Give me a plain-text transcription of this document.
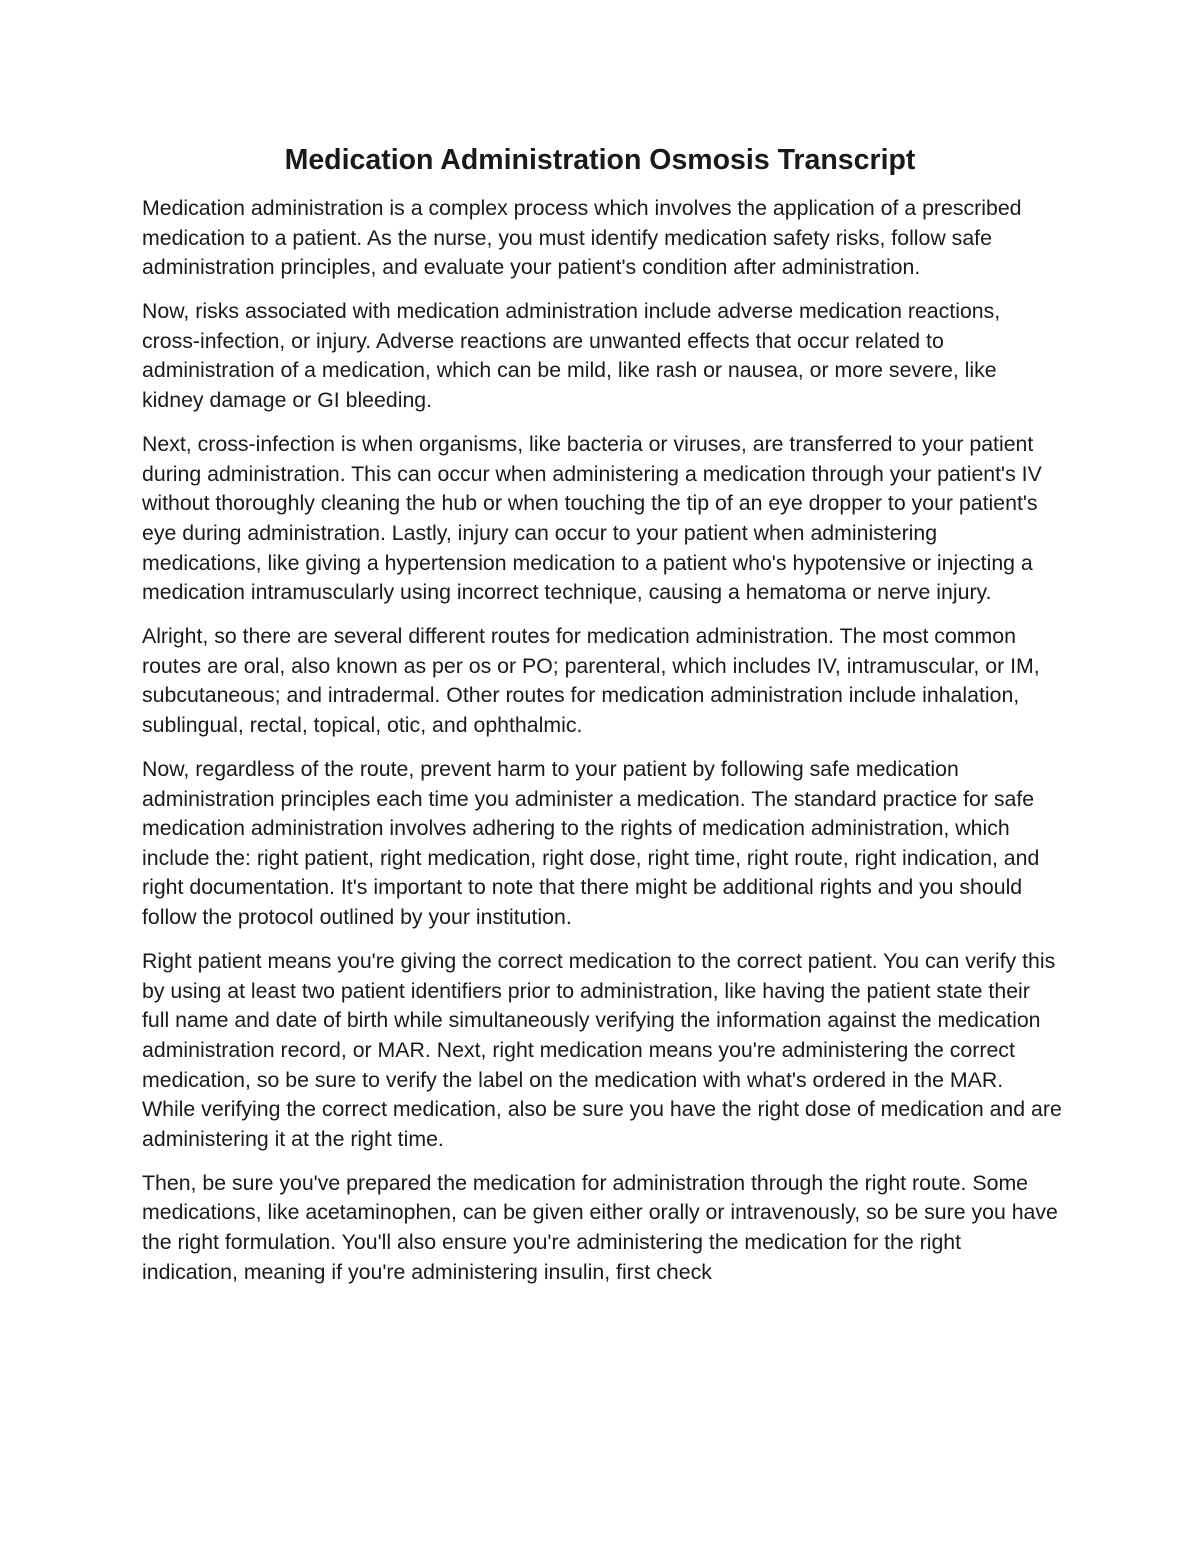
Medication Administration Osmosis Transcript

Medication administration is a complex process which involves the application of a prescribed medication to a patient. As the nurse, you must identify medication safety risks, follow safe administration principles, and evaluate your patient's condition after administration.

Now, risks associated with medication administration include adverse medication reactions, cross-infection, or injury. Adverse reactions are unwanted effects that occur related to administration of a medication, which can be mild, like rash or nausea, or more severe, like kidney damage or GI bleeding.

Next, cross-infection is when organisms, like bacteria or viruses, are transferred to your patient during administration. This can occur when administering a medication through your patient's IV without thoroughly cleaning the hub or when touching the tip of an eye dropper to your patient's eye during administration. Lastly, injury can occur to your patient when administering medications, like giving a hypertension medication to a patient who's hypotensive or injecting a medication intramuscularly using incorrect technique, causing a hematoma or nerve injury.

Alright, so there are several different routes for medication administration. The most common routes are oral, also known as per os or PO; parenteral, which includes IV, intramuscular, or IM, subcutaneous; and intradermal. Other routes for medication administration include inhalation, sublingual, rectal, topical, otic, and ophthalmic.

Now, regardless of the route, prevent harm to your patient by following safe medication administration principles each time you administer a medication. The standard practice for safe medication administration involves adhering to the rights of medication administration, which include the: right patient, right medication, right dose, right time, right route, right indication, and right documentation. It's important to note that there might be additional rights and you should follow the protocol outlined by your institution.

Right patient means you're giving the correct medication to the correct patient. You can verify this by using at least two patient identifiers prior to administration, like having the patient state their full name and date of birth while simultaneously verifying the information against the medication administration record, or MAR. Next, right medication means you're administering the correct medication, so be sure to verify the label on the medication with what's ordered in the MAR. While verifying the correct medication, also be sure you have the right dose of medication and are administering it at the right time.

Then, be sure you've prepared the medication for administration through the right route. Some medications, like acetaminophen, can be given either orally or intravenously, so be sure you have the right formulation. You'll also ensure you're administering the medication for the right indication, meaning if you're administering insulin, first check
